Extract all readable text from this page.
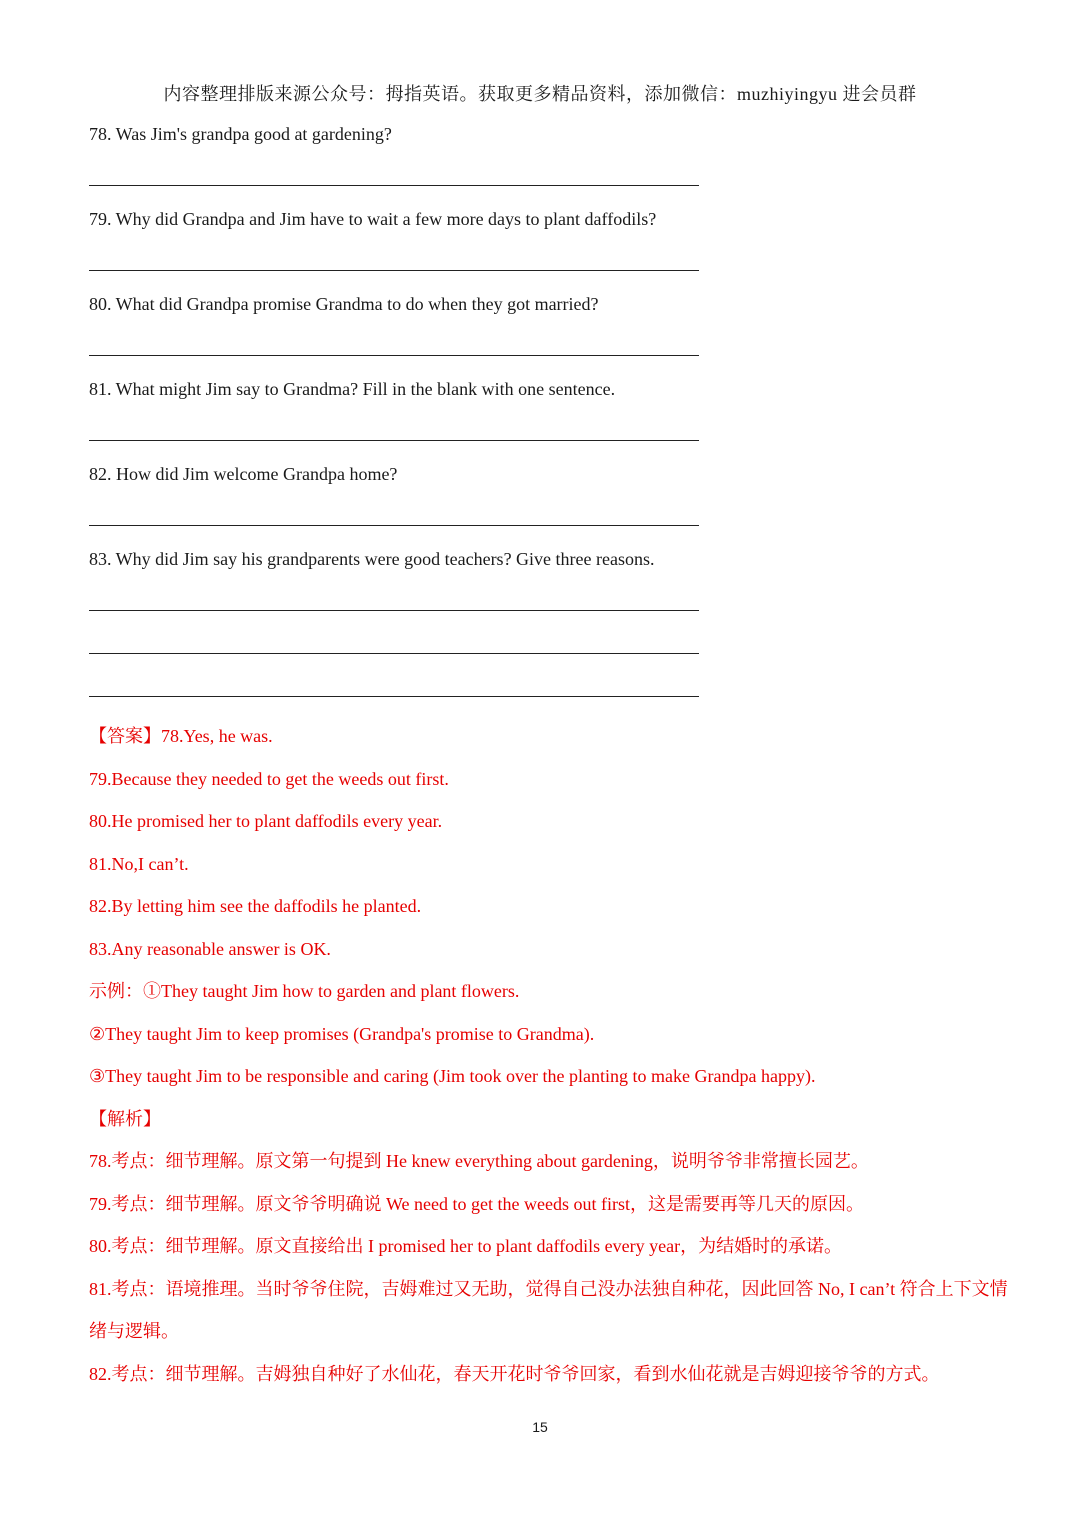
内容整理排版来源公众号：拇指英语。获取更多精品资料，添加微信：muzhiyingyu 进会员群
78. Was Jim's grandpa good at gardening?
79. Why did Grandpa and Jim have to wait a few more days to plant daffodils?
80. What did Grandpa promise Grandma to do when they got married?
81. What might Jim say to Grandma? Fill in the blank with one sentence.
82. How did Jim welcome Grandpa home?
83. Why did Jim say his grandparents were good teachers? Give three reasons.
【答案】78.Yes, he was.
79.Because they needed to get the weeds out first.
80.He promised her to plant daffodils every year.
81.No,I can’t.
82.By letting him see the daffodils he planted.
83.Any reasonable answer is OK.
示例：①They taught Jim how to garden and plant flowers.
②They taught Jim to keep promises (Grandpa's promise to Grandma).
③They taught Jim to be responsible and caring (Jim took over the planting to make Grandpa happy).
【解析】
78.考点：细节理解。原文第一句提到 He knew everything about gardening，说明爷爷非常擅长园艺。
79.考点：细节理解。原文爷爷明确说 We need to get the weeds out first，这是需要再等几天的原因。
80.考点：细节理解。原文直接给出 I promised her to plant daffodils every year，为结婚时的承诺。
81.考点：语境推理。当时爷爷住院，吉姆难过又无助，觉得自己没办法独自种花，因此回答 No, I can’t 符合上下文情绪与逻辑。
82.考点：细节理解。吉姆独自种好了水仙花，春天开花时爷爷回家，看到水仙花就是吉姆迎接爷爷的方式。
15
